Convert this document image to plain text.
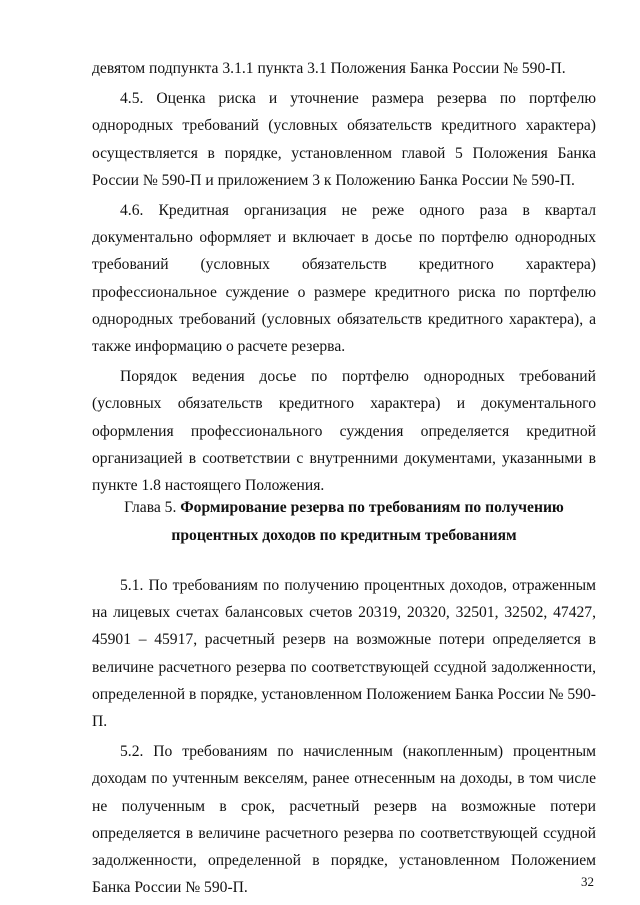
девятом подпункта 3.1.1 пункта 3.1 Положения Банка России № 590-П.

4.5. Оценка риска и уточнение размера резерва по портфелю однородных требований (условных обязательств кредитного характера) осуществляется в порядке, установленном главой 5 Положения Банка России № 590-П и приложением 3 к Положению Банка России № 590-П.

4.6. Кредитная организация не реже одного раза в квартал документально оформляет и включает в досье по портфелю однородных требований (условных обязательств кредитного характера) профессиональное суждение о размере кредитного риска по портфелю однородных требований (условных обязательств кредитного характера), а также информацию о расчете резерва.

Порядок ведения досье по портфелю однородных требований (условных обязательств кредитного характера) и документального оформления профессионального суждения определяется кредитной организацией в соответствии с внутренними документами, указанными в пункте 1.8 настоящего Положения.

Глава 5. Формирование резерва по требованиям по получению
процентных доходов по кредитным требованиям

5.1. По требованиям по получению процентных доходов, отраженным на лицевых счетах балансовых счетов 20319, 20320, 32501, 32502, 47427, 45901 – 45917, расчетный резерв на возможные потери определяется в величине расчетного резерва по соответствующей ссудной задолженности, определенной в порядке, установленном Положением Банка России № 590-П.

5.2. По требованиям по начисленным (накопленным) процентным доходам по учтенным векселям, ранее отнесенным на доходы, в том числе не полученным в срок, расчетный резерв на возможные потери определяется в величине расчетного резерва по соответствующей ссудной задолженности, определенной в порядке, установленном Положением Банка России № 590-П.	32
